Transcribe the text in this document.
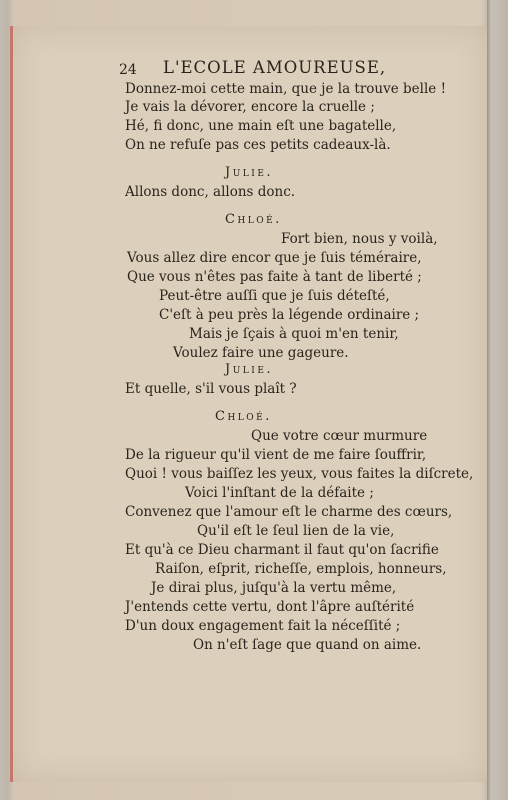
24 L'ECOLE AMOUREUSE,
Donnez-moi cette main, que je la trouve belle !
Je vais la dévorer, encore la cruelle ;
Hé, fi donc, une main eſt une bagatelle,
On ne refuſe pas ces petits cadeaux-là.
Julie.
Allons donc, allons donc.
Chloé.
Fort bien, nous y voilà,
Vous allez dire encor que je ſuis téméraire,
Que vous n'êtes pas faite à tant de liberté ;
Peut-être auſſi que je ſuis déteſté,
C'eſt à peu près la légende ordinaire ;
Mais je ſçais à quoi m'en tenir,
Voulez faire une gageure.
Julie.
Et quelle, s'il vous plaît ?
Chloé.
Que votre cœur murmure
De la rigueur qu'il vient de me faire ſouffrir,
Quoi ! vous baiſſez les yeux, vous faites la diſcrete,
Voici l'inſtant de la défaite ;
Convenez que l'amour eſt le charme des cœurs,
Qu'il eſt le ſeul lien de la vie,
Et qu'à ce Dieu charmant il faut qu'on ſacrifie
Raiſon, eſprit, richeſſe, emplois, honneurs,
Je dirai plus, juſqu'à la vertu même,
J'entends cette vertu, dont l'âpre auſtérité
D'un doux engagement fait la néceſſité ;
On n'eſt ſage que quand on aime.
